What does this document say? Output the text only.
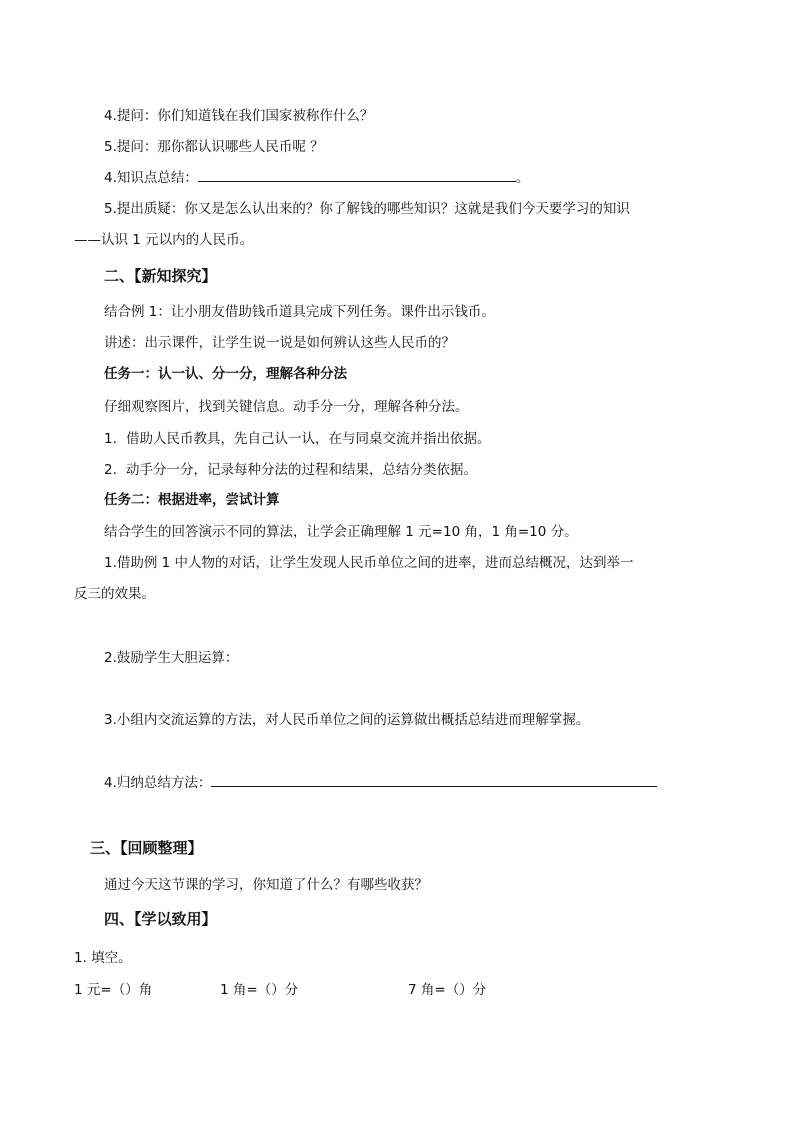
4.提问：你们知道钱在我们国家被称作什么？
5.提问：那你都认识哪些人民币呢 ？
4.知识点总结：	。
5.提出质疑：你又是怎么认出来的？你了解钱的哪些知识？这就是我们今天要学习的知识
——认识 1 元以内的人民币。
二、【新知探究】
结合例 1：让小朋友借助钱币道具完成下列任务。课件出示钱币。
讲述：出示课件，让学生说一说是如何辨认这些人民币的？
任务一：认一认、分一分，理解各种分法
仔细观察图片，找到关键信息。动手分一分，理解各种分法。
1. 借助人民币教具，先自己认一认，在与同桌交流并指出依据。
2. 动手分一分，记录每种分法的过程和结果，总结分类依据。
任务二：根据进率，尝试计算
结合学生的回答演示不同的算法，让学会正确理解 1 元=10 角，1 角=10 分。
1.借助例 1 中人物的对话，让学生发现人民币单位之间的进率，进而总结概况，达到举一
反三的效果。
2.鼓励学生大胆运算：
3.小组内交流运算的方法，对人民币单位之间的运算做出概括总结进而理解掌握。
4.归纳总结方法：
三、【回顾整理】
通过今天这节课的学习，你知道了什么？有哪些收获？
四、【学以致用】
1. 填空。
1 元=（）角	1 角=（）分	7 角=（）分
